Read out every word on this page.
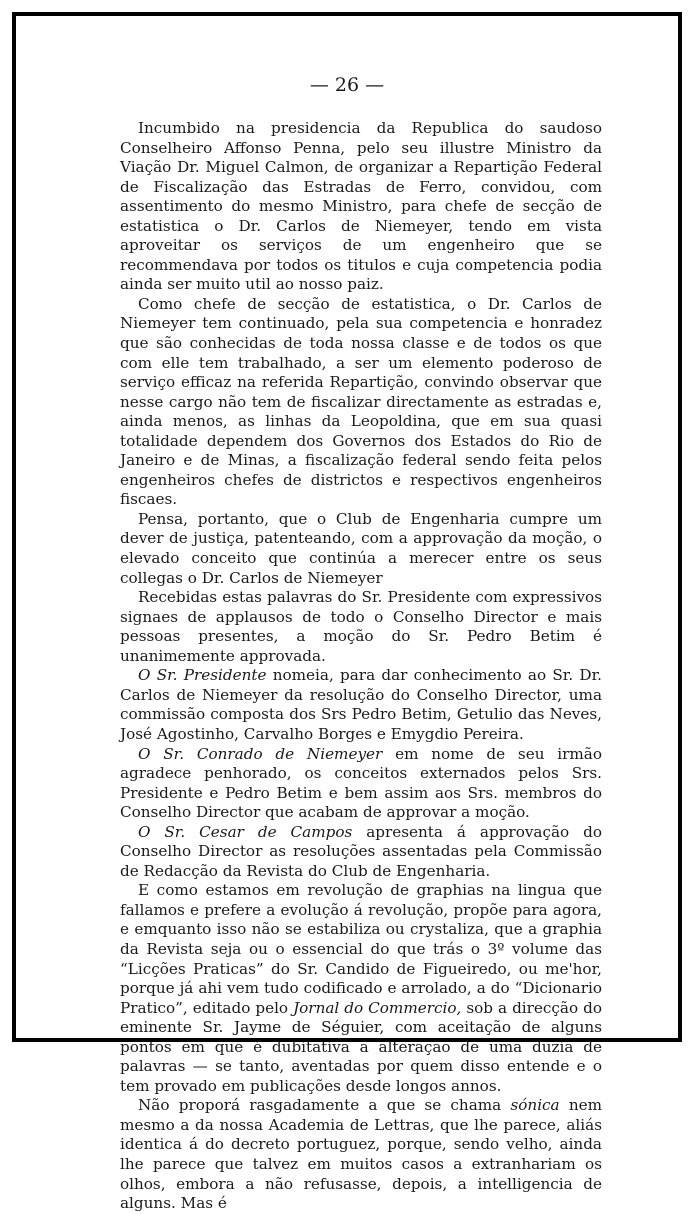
— 26 —

Incumbido na presidencia da Republica do saudoso Conselheiro Affonso Penna, pelo seu illustre Ministro da Viação Dr. Miguel Calmon, de organizar a Repartição Federal de Fiscalização das Estradas de Ferro, convidou, com assentimento do mesmo Ministro, para chefe de secção de estatistica o Dr. Carlos de Niemeyer, tendo em vista aproveitar os serviços de um engenheiro que se recommendava por todos os titulos e cuja competencia podia ainda ser muito util ao nosso paiz.

Como chefe de secção de estatistica, o Dr. Carlos de Niemeyer tem continuado, pela sua competencia e honradez que são conhecidas de toda nossa classe e de todos os que com elle tem trabalhado, a ser um elemento poderoso de serviço efficaz na referida Repartição, convindo observar que nesse cargo não tem de fiscalizar directamente as estradas e, ainda menos, as linhas da Leopoldina, que em sua quasi totalidade dependem dos Governos dos Estados do Rio de Janeiro e de Minas, a fiscalização federal sendo feita pelos engenheiros chefes de districtos e respectivos engenheiros fiscaes.

Pensa, portanto, que o Club de Engenharia cumpre um dever de justiça, patenteando, com a approvação da moção, o elevado conceito que continúa a merecer entre os seus collegas o Dr. Carlos de Niemeyer

Recebidas estas palavras do Sr. Presidente com expressivos signaes de applausos de todo o Conselho Director e mais pessoas presentes, a moção do Sr. Pedro Betim é unanimemente approvada.

O Sr. Presidente nomeia, para dar conhecimento ao Sr. Dr. Carlos de Niemeyer da resolução do Conselho Director, uma commissão composta dos Srs Pedro Betim, Getulio das Neves, José Agostinho, Carvalho Borges e Emygdio Pereira.

O Sr. Conrado de Niemeyer em nome de seu irmão agradece penhorado, os conceitos externados pelos Srs. Presidente e Pedro Betim e bem assim aos Srs. membros do Conselho Director que acabam de approvar a moção.

O Sr. Cesar de Campos apresenta á approvação do Conselho Director as resoluções assentadas pela Commissão de Redacção da Revista do Club de Engenharia.

E como estamos em revolução de graphias na lingua que fallamos e prefere a evolução á revolução, propõe para agora, e emquanto isso não se estabiliza ou crystaliza, que a graphia da Revista seja ou o essencial do que trás o 3º volume das “Licções Praticas” do Sr. Candido de Figueiredo, ou me'hor, porque já ahi vem tudo codificado e arrolado, a do “Dicionario Pratico”, editado pelo Jornal do Commercio, sob a direcção do eminente Sr. Jayme de Séguier, com aceitação de alguns pontos em que é dubitativa a alteração de uma duzia de palavras — se tanto, aventadas por quem disso entende e o tem provado em publicações desde longos annos.

Não proporá rasgadamente a que se chama sónica nem mesmo a da nossa Academia de Lettras, que lhe parece, aliás identica á do decreto portuguez, porque, sendo velho, ainda lhe parece que talvez em muitos casos a extranhariam os olhos, embora a não refusasse, depois, a intelligencia de alguns. Mas é
